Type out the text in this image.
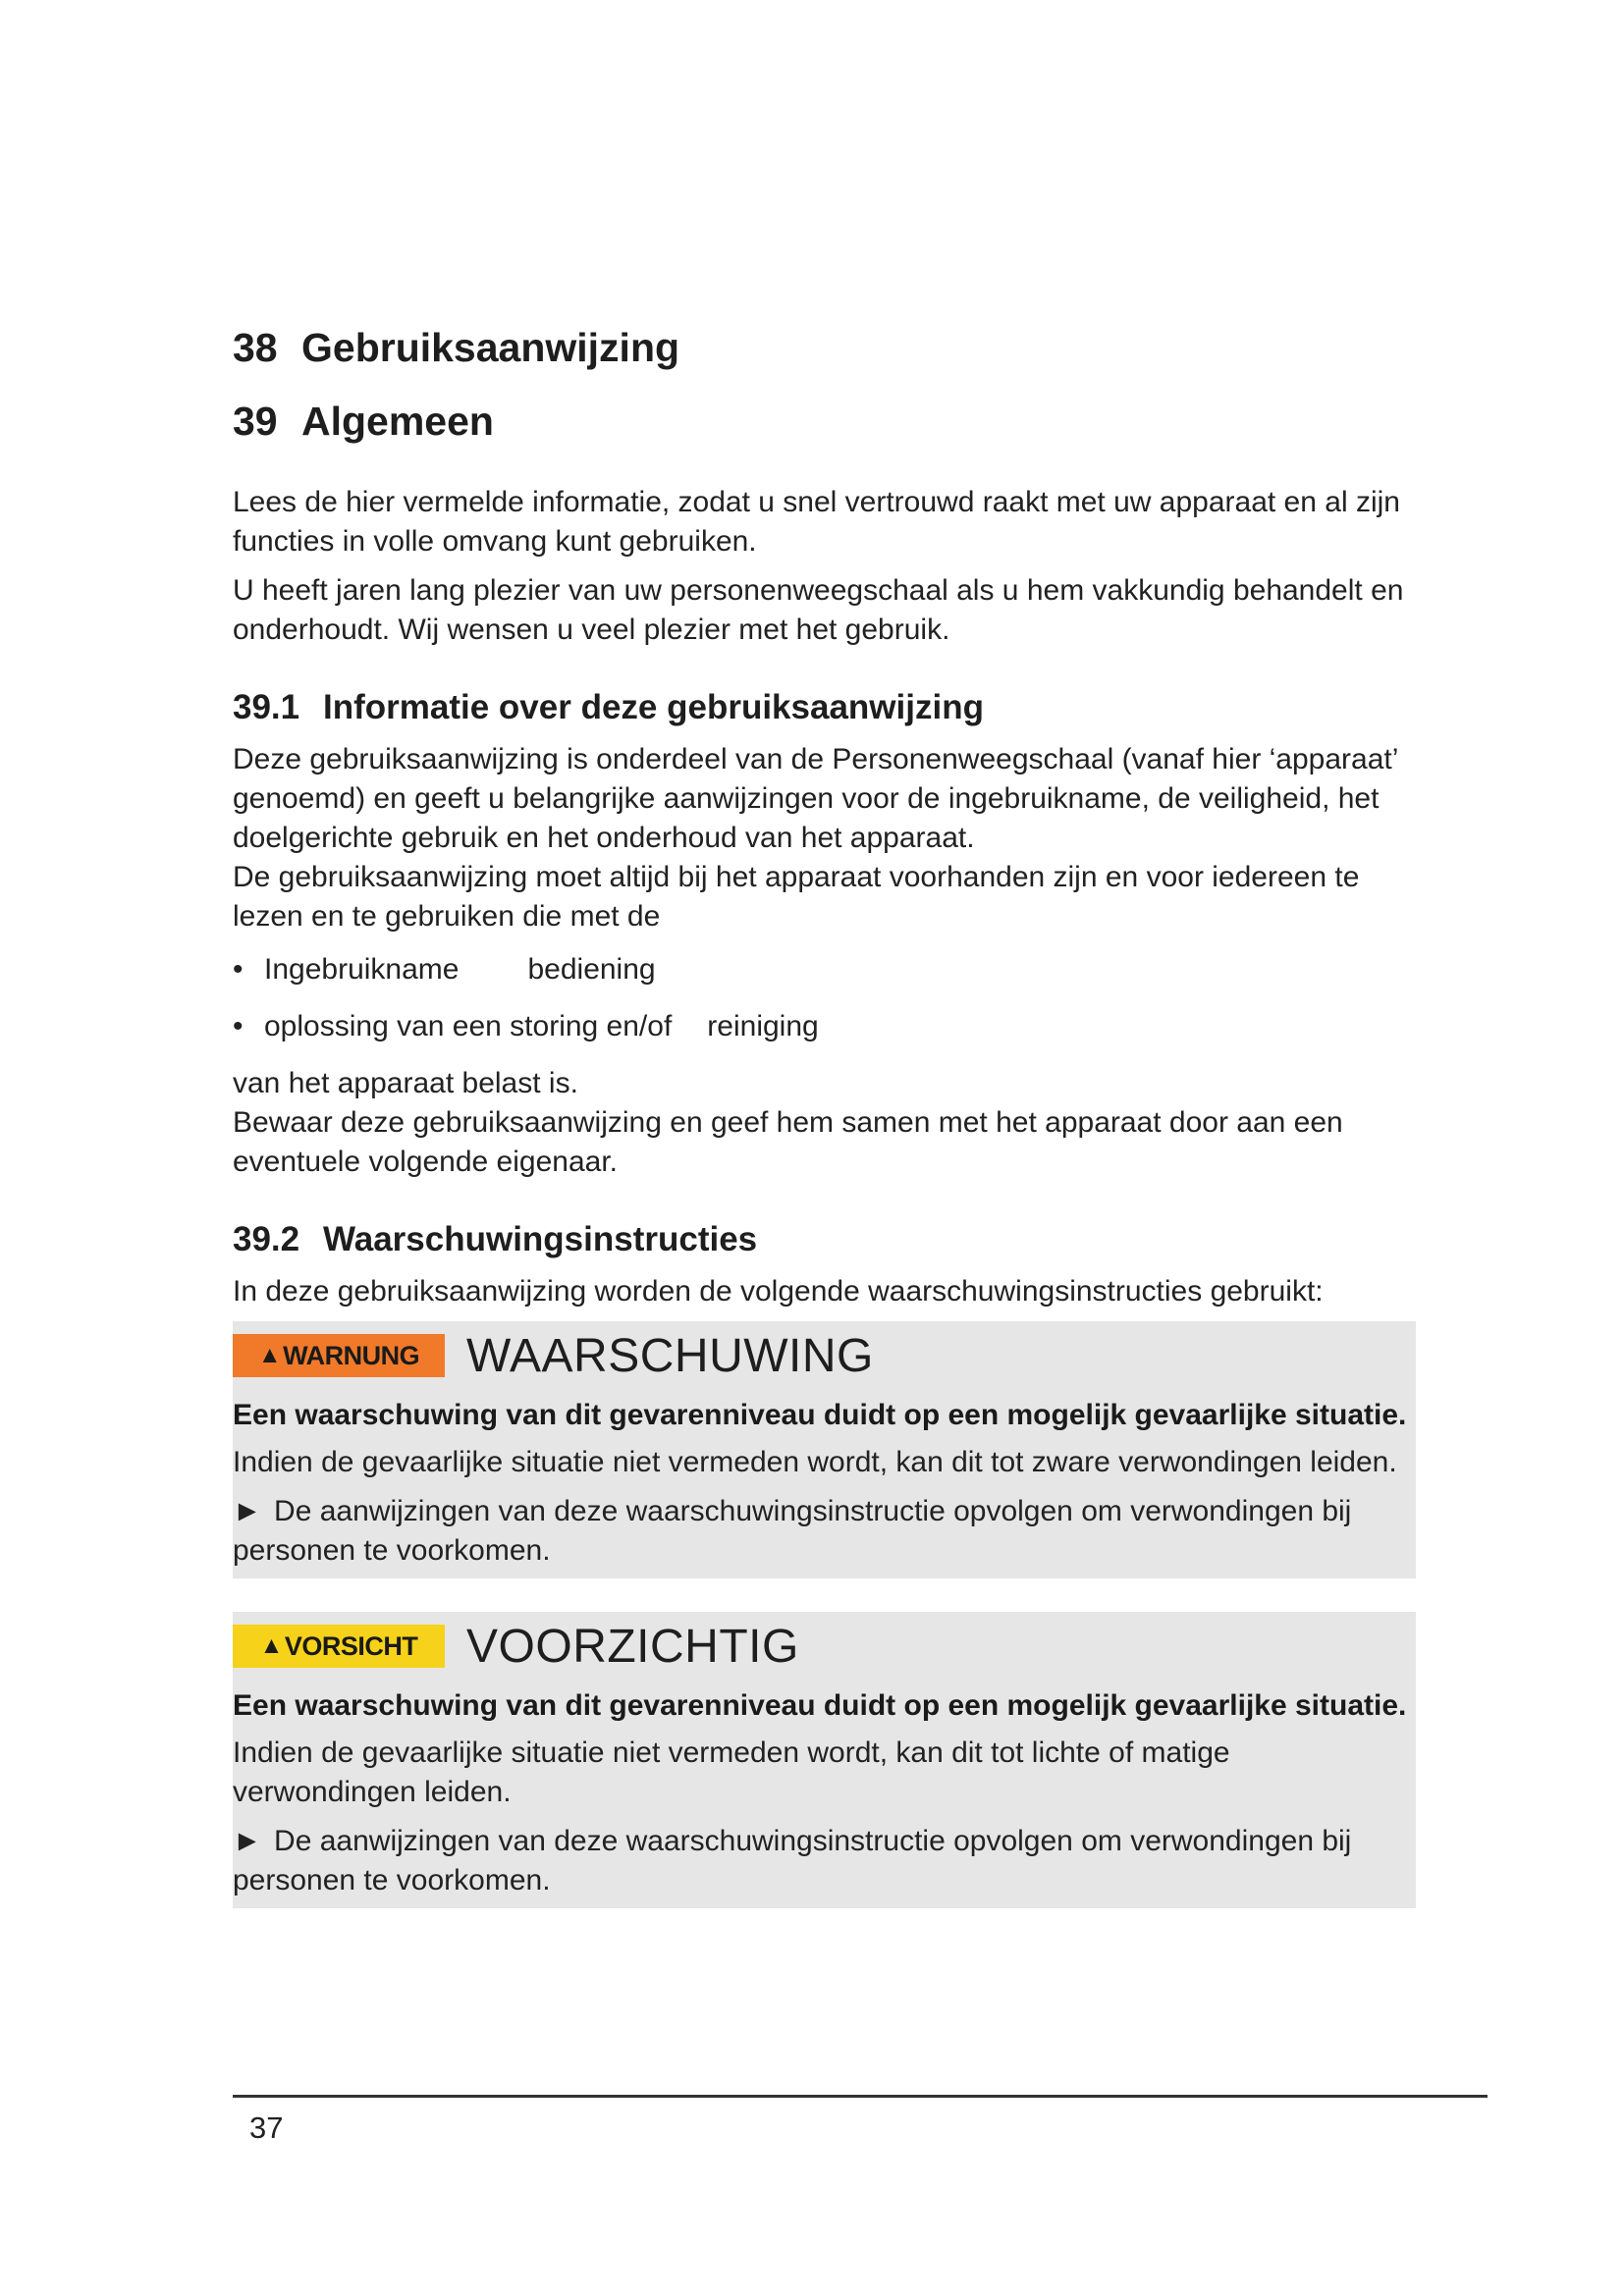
38 Gebruiksaanwijzing
39 Algemeen

Lees de hier vermelde informatie, zodat u snel vertrouwd raakt met uw apparaat en al zijn functies in volle omvang kunt gebruiken.

U heeft jaren lang plezier van uw personenweegschaal als u hem vakkundig behandelt en onderhoudt. Wij wensen u veel plezier met het gebruik.

39.1 Informatie over deze gebruiksaanwijzing

Deze gebruiksaanwijzing is onderdeel van de Personenweegschaal (vanaf hier ‘apparaat’ genoemd) en geeft u belangrijke aanwijzingen voor de ingebruikname, de veiligheid, het doelgerichte gebruik en het onderhoud van het apparaat.

De gebruiksaanwijzing moet altijd bij het apparaat voorhanden zijn en voor iedereen te lezen en te gebruiken die met de

• Ingebruikname bediening
• oplossing van een storing en/of reiniging

van het apparaat belast is.

Bewaar deze gebruiksaanwijzing en geef hem samen met het apparaat door aan een eventuele volgende eigenaar.

39.2 Waarschuwingsinstructies

In deze gebruiksaanwijzing worden de volgende waarschuwingsinstructies gebruikt:

▲ WARNUNG WAARSCHUWING

Een waarschuwing van dit gevarenniveau duidt op een mogelijk gevaarlijke situatie.

Indien de gevaarlijke situatie niet vermeden wordt, kan dit tot zware verwondingen leiden.

► De aanwijzingen van deze waarschuwingsinstructie opvolgen om verwondingen bij personen te voorkomen.

▲ VORSICHT VOORZICHTIG

Een waarschuwing van dit gevarenniveau duidt op een mogelijk gevaarlijke situatie.

Indien de gevaarlijke situatie niet vermeden wordt, kan dit tot lichte of matige verwondingen leiden.

► De aanwijzingen van deze waarschuwingsinstructie opvolgen om verwondingen bij personen te voorkomen.

37
